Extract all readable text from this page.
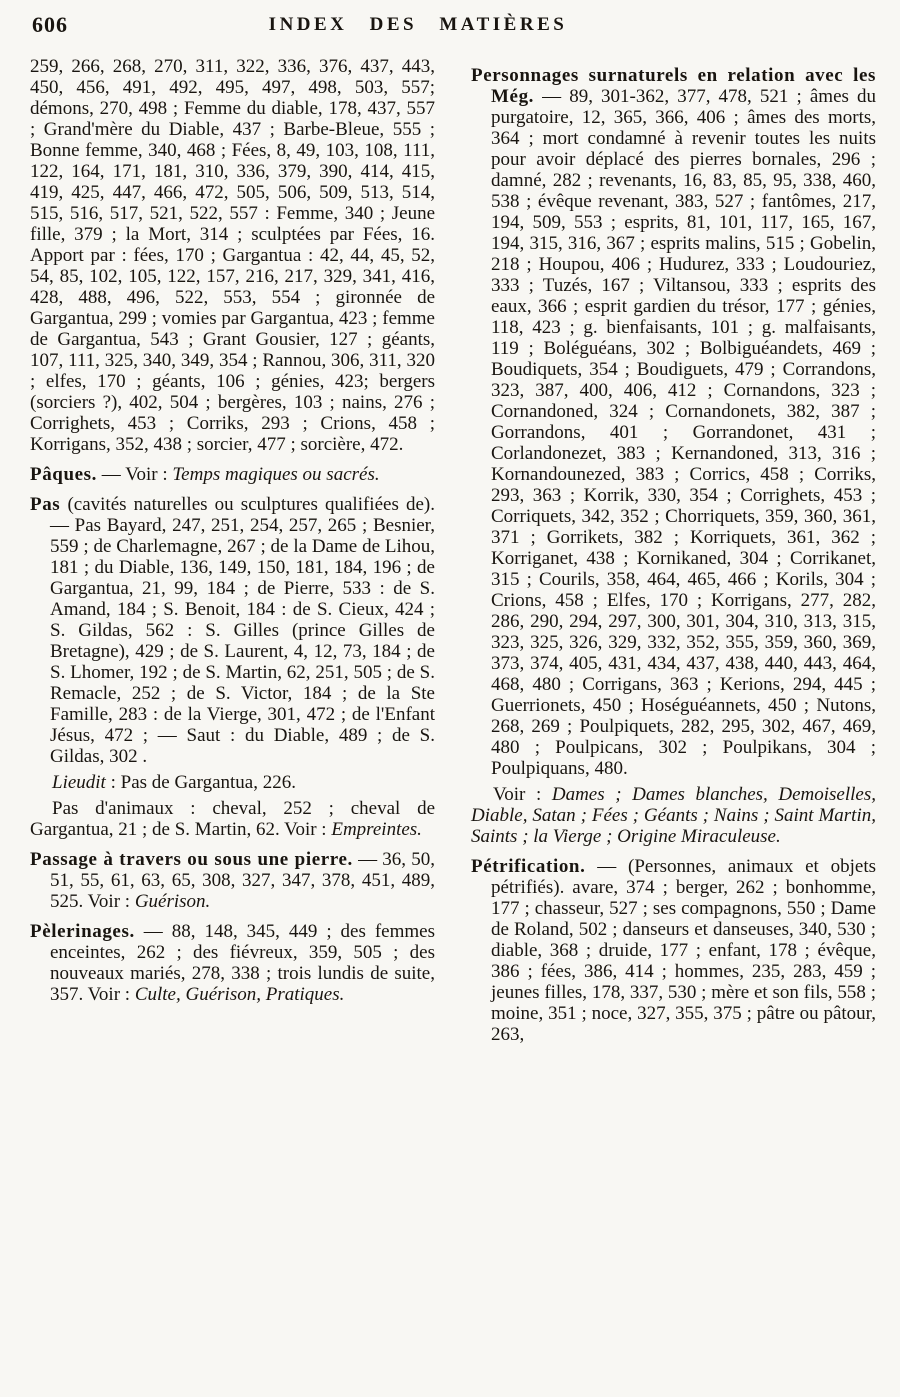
606	INDEX DES MATIÈRES

259, 266, 268, 270, 311, 322, 336, 376, 437, 443, 450, 456, 491, 492, 495, 497, 498, 503, 557; démons, 270, 498 ; Femme du diable, 178, 437, 557 ; Grand'mère du Diable, 437 ; Barbe-Bleue, 555 ; Bonne femme, 340, 468 ; Fées, 8, 49, 103, 108, 111, 122, 164, 171, 181, 310, 336, 379, 390, 414, 415, 419, 425, 447, 466, 472, 505, 506, 509, 513, 514, 515, 516, 517, 521, 522, 557 : Femme, 340 ; Jeune fille, 379 ; la Mort, 314 ; sculptées par Fées, 16. Apport par : fées, 170 ; Gargantua : 42, 44, 45, 52, 54, 85, 102, 105, 122, 157, 216, 217, 329, 341, 416, 428, 488, 496, 522, 553, 554 ; gironnée de Gargantua, 299 ; vomies par Gargantua, 423 ; femme de Gargantua, 543 ; Grant Gousier, 127 ; géants, 107, 111, 325, 340, 349, 354 ; Rannou, 306, 311, 320 ; elfes, 170 ; géants, 106 ; génies, 423; bergers (sorciers ?), 402, 504 ; bergères, 103 ; nains, 276 ; Corrighets, 453 ; Corriks, 293 ; Crions, 458 ; Korrigans, 352, 438 ; sorcier, 477 ; sorcière, 472.

Pâques. — Voir : Temps magiques ou sacrés.

Pas (cavités naturelles ou sculptures qualifiées de). — Pas Bayard, 247, 251, 254, 257, 265 ; Besnier, 559 ; de Charlemagne, 267 ; de la Dame de Lihou, 181 ; du Diable, 136, 149, 150, 181, 184, 196 ; de Gargantua, 21, 99, 184 ; de Pierre, 533 : de S. Amand, 184 ; S. Benoit, 184 : de S. Cieux, 424 ; S. Gildas, 562 : S. Gilles (prince Gilles de Bretagne), 429 ; de S. Laurent, 4, 12, 73, 184 ; de S. Lhomer, 192 ; de S. Martin, 62, 251, 505 ; de S. Remacle, 252 ; de S. Victor, 184 ; de la Ste Famille, 283 : de la Vierge, 301, 472 ; de l'Enfant Jésus, 472 ; — Saut : du Diable, 489 ; de S. Gildas, 302 .

Lieudit : Pas de Gargantua, 226.

Pas d'animaux : cheval, 252 ; cheval de Gargantua, 21 ; de S. Martin, 62. Voir : Empreintes.

Passage à travers ou sous une pierre. — 36, 50, 51, 55, 61, 63, 65, 308, 327, 347, 378, 451, 489, 525. Voir : Guérison.

Pèlerinages. — 88, 148, 345, 449 ; des femmes enceintes, 262 ; des fiévreux, 359, 505 ; des nouveaux mariés, 278, 338 ; trois lundis de suite, 357. Voir : Culte, Guérison, Pratiques.

Personnages surnaturels en relation avec les Még. — 89, 301-362, 377, 478, 521 ; âmes du purgatoire, 12, 365, 366, 406 ; âmes des morts, 364 ; mort condamné à revenir toutes les nuits pour avoir déplacé des pierres bornales, 296 ; damné, 282 ; revenants, 16, 83, 85, 95, 338, 460, 538 ; évêque revenant, 383, 527 ; fantômes, 217, 194, 509, 553 ; esprits, 81, 101, 117, 165, 167, 194, 315, 316, 367 ; esprits malins, 515 ; Gobelin, 218 ; Houpou, 406 ; Hudurez, 333 ; Loudouriez, 333 ; Tuzés, 167 ; Viltansou, 333 ; esprits des eaux, 366 ; esprit gardien du trésor, 177 ; génies, 118, 423 ; g. bienfaisants, 101 ; g. malfaisants, 119 ; Boléguéans, 302 ; Bolbiguéandets, 469 ; Boudiquets, 354 ; Boudiguets, 479 ; Corrandons, 323, 387, 400, 406, 412 ; Cornandons, 323 ; Cornandoned, 324 ; Cornandonets, 382, 387 ; Gorrandons, 401 ; Gorrandonet, 431 ; Corlandonezet, 383 ; Kernandoned, 313, 316 ; Kornandounezed, 383 ; Corrics, 458 ; Corriks, 293, 363 ; Korrik, 330, 354 ; Corrighets, 453 ; Corriquets, 342, 352 ; Chorriquets, 359, 360, 361, 371 ; Gorrikets, 382 ; Korriquets, 361, 362 ; Korriganet, 438 ; Kornikaned, 304 ; Corrikanet, 315 ; Courils, 358, 464, 465, 466 ; Korils, 304 ; Crions, 458 ; Elfes, 170 ; Korrigans, 277, 282, 286, 290, 294, 297, 300, 301, 304, 310, 313, 315, 323, 325, 326, 329, 332, 352, 355, 359, 360, 369, 373, 374, 405, 431, 434, 437, 438, 440, 443, 464, 468, 480 ; Corrigans, 363 ; Kerions, 294, 445 ; Guerrionets, 450 ; Hoséguéannets, 450 ; Nutons, 268, 269 ; Poulpiquets, 282, 295, 302, 467, 469, 480 ; Poulpicans, 302 ; Poulpikans, 304 ; Poulpiquans, 480.

Voir : Dames ; Dames blanches, Demoiselles, Diable, Satan ; Fées ; Géants ; Nains ; Saint Martin, Saints ; la Vierge ; Origine Miraculeuse.

Pétrification. — (Personnes, animaux et objets pétrifiés). avare, 374 ; berger, 262 ; bonhomme, 177 ; chasseur, 527 ; ses compagnons, 550 ; Dame de Roland, 502 ; danseurs et danseuses, 340, 530 ; diable, 368 ; druide, 177 ; enfant, 178 ; évêque, 386 ; fées, 386, 414 ; hommes, 235, 283, 459 ; jeunes filles, 178, 337, 530 ; mère et son fils, 558 ; moine, 351 ; noce, 327, 355, 375 ; pâtre ou pâtour, 263,
